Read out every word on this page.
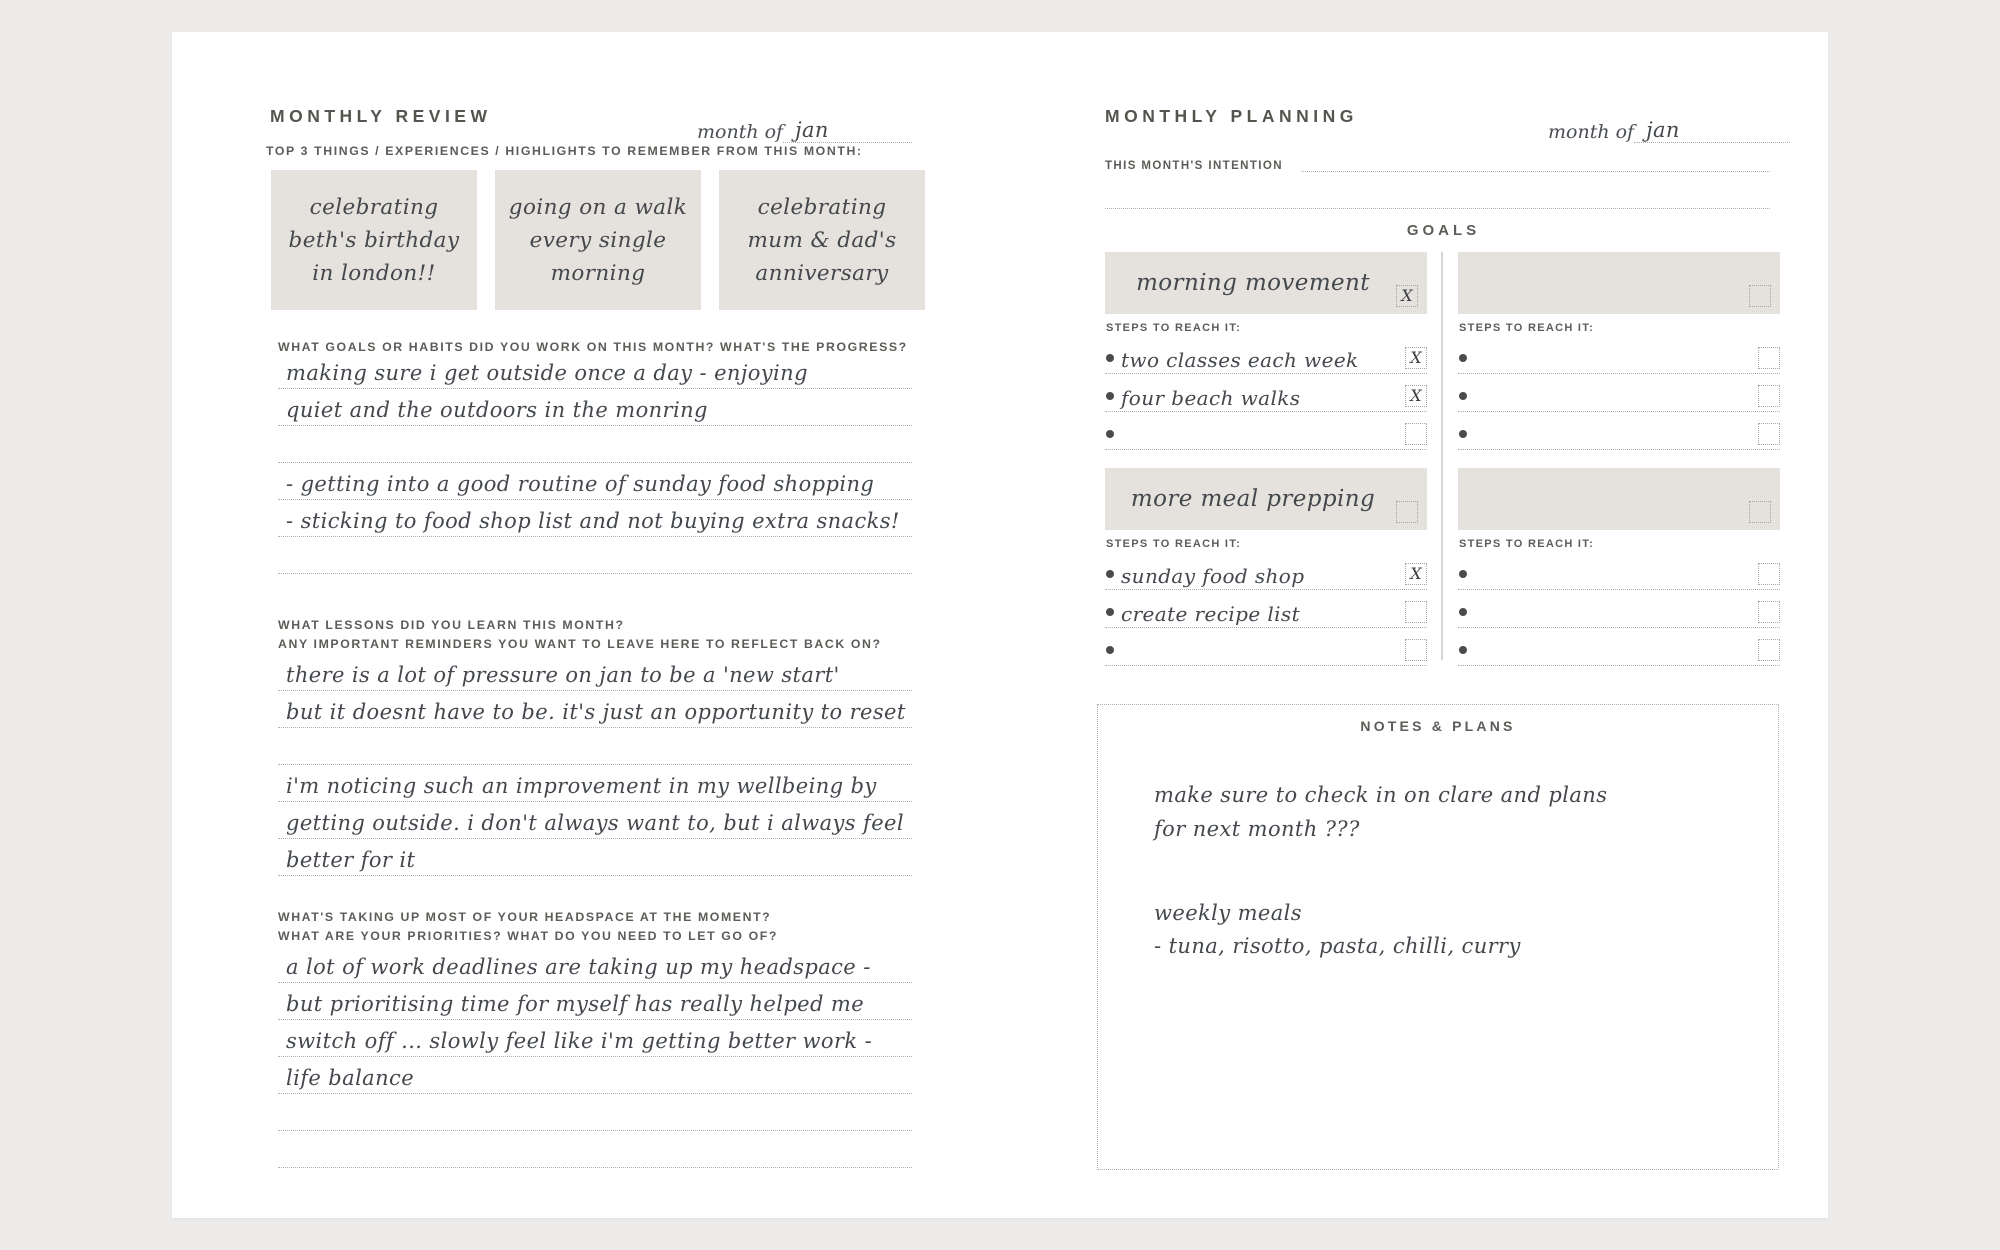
MONTHLY REVIEW
month of jan
TOP 3 THINGS / EXPERIENCES / HIGHLIGHTS TO REMEMBER FROM THIS MONTH:
celebrating beth's birthday in london!!
going on a walk every single morning
celebrating mum & dad's anniversary
WHAT GOALS OR HABITS DID YOU WORK ON THIS MONTH? WHAT'S THE PROGRESS?
making sure i get outside once a day - enjoying
quiet and the outdoors in the monring
- getting into a good routine of sunday food shopping
- sticking to food shop list and not buying extra snacks!
WHAT LESSONS DID YOU LEARN THIS MONTH?
ANY IMPORTANT REMINDERS YOU WANT TO LEAVE HERE TO REFLECT BACK ON?
there is a lot of pressure on jan to be a 'new start'
but it doesnt have to be. it's just an opportunity to reset
i'm noticing such an improvement in my wellbeing by
getting outside. i don't always want to, but i always feel
better for it
WHAT'S TAKING UP MOST OF YOUR HEADSPACE AT THE MOMENT?
WHAT ARE YOUR PRIORITIES? WHAT DO YOU NEED TO LET GO OF?
a lot of work deadlines are taking up my headspace -
but prioritising time for myself has really helped me
switch off ... slowly feel like i'm getting better work -
life balance
MONTHLY PLANNING
month of jan
THIS MONTH'S INTENTION
GOALS
morning movement	X
STEPS TO REACH IT:
two classes each week	X
four beach walks	X
STEPS TO REACH IT:
more meal prepping
STEPS TO REACH IT:
sunday food shop	X
create recipe list
STEPS TO REACH IT:
NOTES & PLANS
make sure to check in on clare and plans
for next month ???
weekly meals
- tuna, risotto, pasta, chilli, curry
